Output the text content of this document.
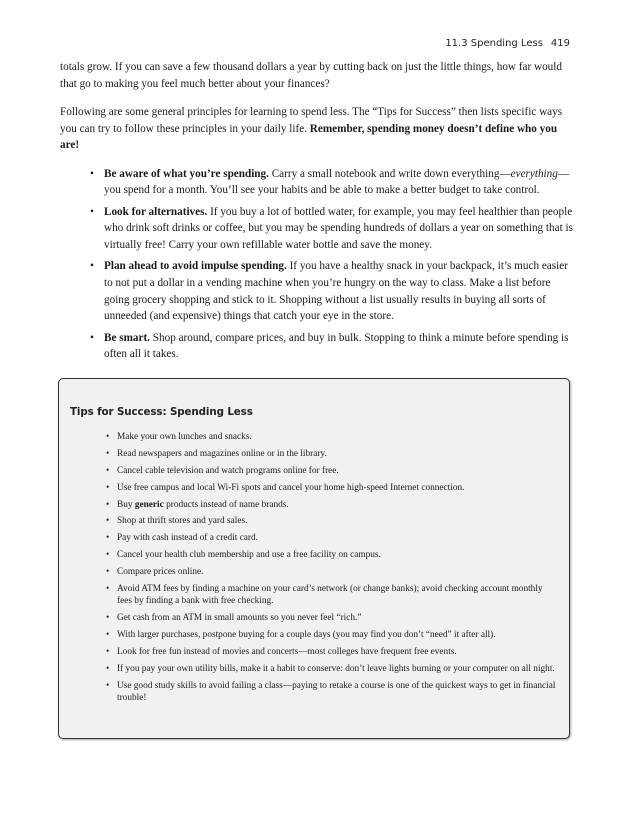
11.3 Spending Less 419

totals grow. If you can save a few thousand dollars a year by cutting back on just the little things, how far would that go to making you feel much better about your finances?

Following are some general principles for learning to spend less. The “Tips for Success” then lists specific ways you can try to follow these principles in your daily life. Remember, spending money doesn’t define who you are!

• Be aware of what you’re spending. Carry a small notebook and write down everything—everything—you spend for a month. You’ll see your habits and be able to make a better budget to take control.
• Look for alternatives. If you buy a lot of bottled water, for example, you may feel healthier than people who drink soft drinks or coffee, but you may be spending hundreds of dollars a year on something that is virtually free! Carry your own refillable water bottle and save the money.
• Plan ahead to avoid impulse spending. If you have a healthy snack in your backpack, it’s much easier to not put a dollar in a vending machine when you’re hungry on the way to class. Make a list before going grocery shopping and stick to it. Shopping without a list usually results in buying all sorts of unneeded (and expensive) things that catch your eye in the store.
• Be smart. Shop around, compare prices, and buy in bulk. Stopping to think a minute before spending is often all it takes.
Tips for Success: Spending Less
• Make your own lunches and snacks.
• Read newspapers and magazines online or in the library.
• Cancel cable television and watch programs online for free.
• Use free campus and local Wi-Fi spots and cancel your home high-speed Internet connection.
• Buy generic products instead of name brands.
• Shop at thrift stores and yard sales.
• Pay with cash instead of a credit card.
• Cancel your health club membership and use a free facility on campus.
• Compare prices online.
• Avoid ATM fees by finding a machine on your card’s network (or change banks); avoid checking account monthly fees by finding a bank with free checking.
• Get cash from an ATM in small amounts so you never feel “rich.”
• With larger purchases, postpone buying for a couple days (you may find you don’t “need” it after all).
• Look for free fun instead of movies and concerts—most colleges have frequent free events.
• If you pay your own utility bills, make it a habit to conserve: don’t leave lights burning or your computer on all night.
• Use good study skills to avoid failing a class—paying to retake a course is one of the quickest ways to get in financial trouble!
